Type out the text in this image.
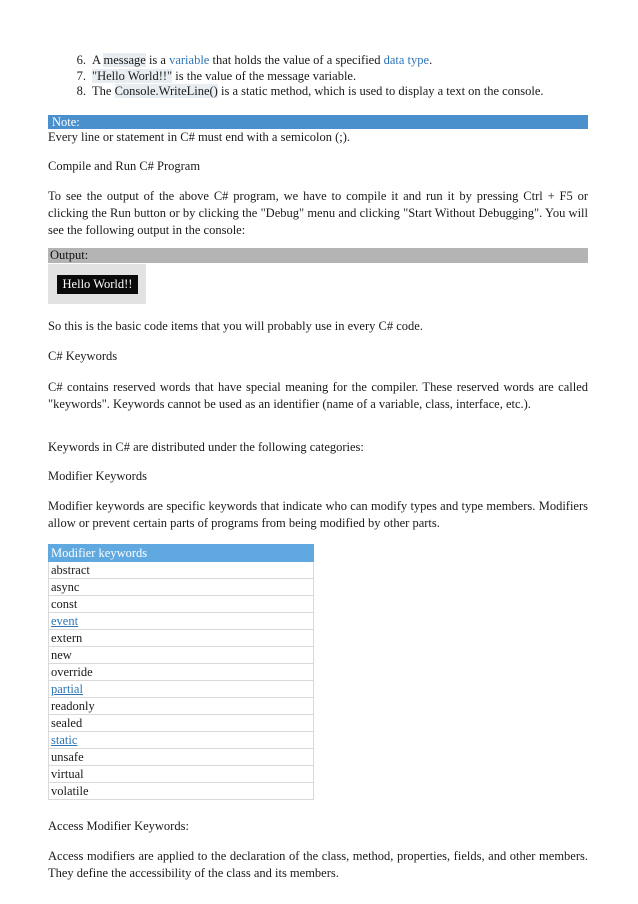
6. A message is a variable that holds the value of a specified data type.
7. "Hello World!!" is the value of the message variable.
8. The Console.WriteLine() is a static method, which is used to display a text on the console.
Note:
Every line or statement in C# must end with a semicolon (;).
Compile and Run C# Program
To see the output of the above C# program, we have to compile it and run it by pressing Ctrl + F5 or clicking the Run button or by clicking the "Debug" menu and clicking "Start Without Debugging". You will see the following output in the console:
Output:
Hello World!!
So this is the basic code items that you will probably use in every C# code.
C# Keywords
C# contains reserved words that have special meaning for the compiler. These reserved words are called "keywords". Keywords cannot be used as an identifier (name of a variable, class, interface, etc.).
Keywords in C# are distributed under the following categories:
Modifier Keywords
Modifier keywords are specific keywords that indicate who can modify types and type members. Modifiers allow or prevent certain parts of programs from being modified by other parts.
Modifier keywords
abstract
async
const
event
extern
new
override
partial
readonly
sealed
static
unsafe
virtual
volatile
Access Modifier Keywords:
Access modifiers are applied to the declaration of the class, method, properties, fields, and other members. They define the accessibility of the class and its members.
